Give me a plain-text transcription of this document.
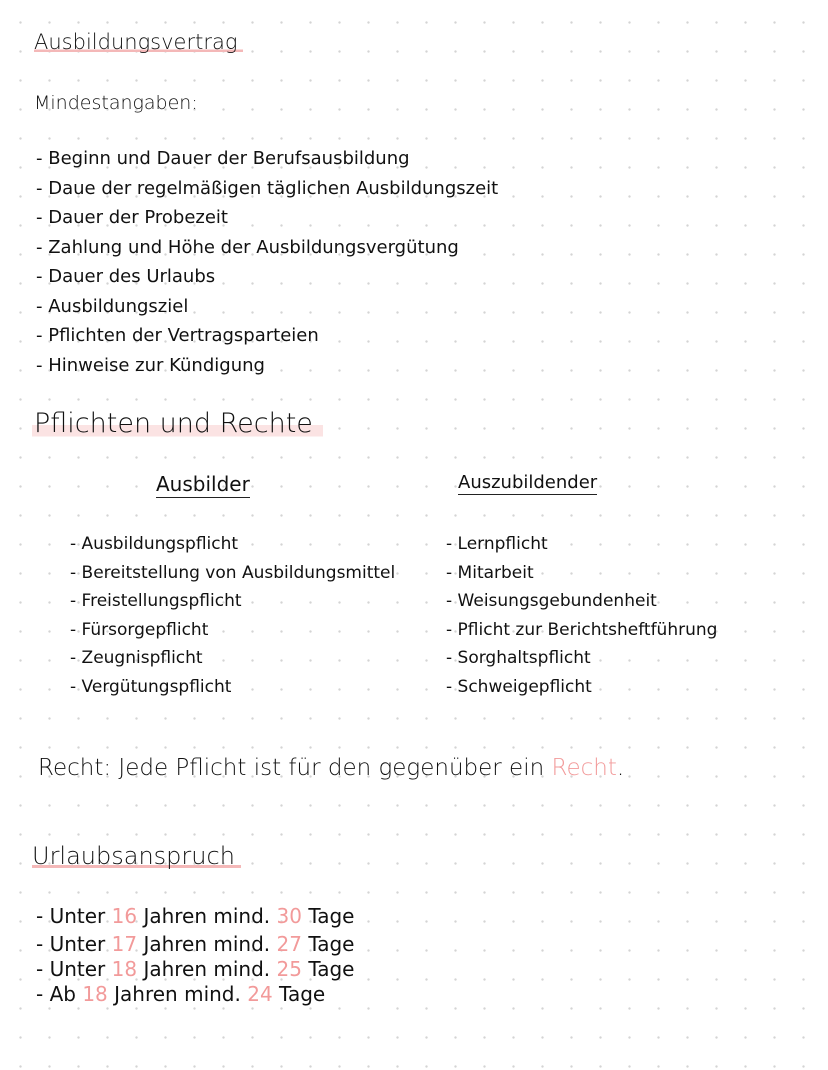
Ausbildungsvertrag
Mindestangaben:
- Beginn und Dauer der Berufsausbildung
- Daue der regelmäßigen täglichen Ausbildungszeit
- Dauer der Probezeit
- Zahlung und Höhe der Ausbildungsvergütung
- Dauer des Urlaubs
- Ausbildungsziel
- Pflichten der Vertragsparteien
- Hinweise zur Kündigung
Pflichten und Rechte
Ausbilder	Auszubildender
- Ausbildungspflicht
- Bereitstellung von Ausbildungsmittel
- Freistellungspflicht
- Fürsorgepflicht
- Zeugnispflicht
- Vergütungspflicht
- Lernpflicht
- Mitarbeit
- Weisungsgebundenheit
- Pflicht zur Berichtsheftführung
- Sorghaltspflicht
- Schweigepflicht
Recht: Jede Pflicht ist für den gegenüber ein Recht.
Urlaubsanspruch
- Unter 16 Jahren mind. 30 Tage
- Unter 17 Jahren mind. 27 Tage
- Unter 18 Jahren mind. 25 Tage
- Ab 18 Jahren mind. 24 Tage
